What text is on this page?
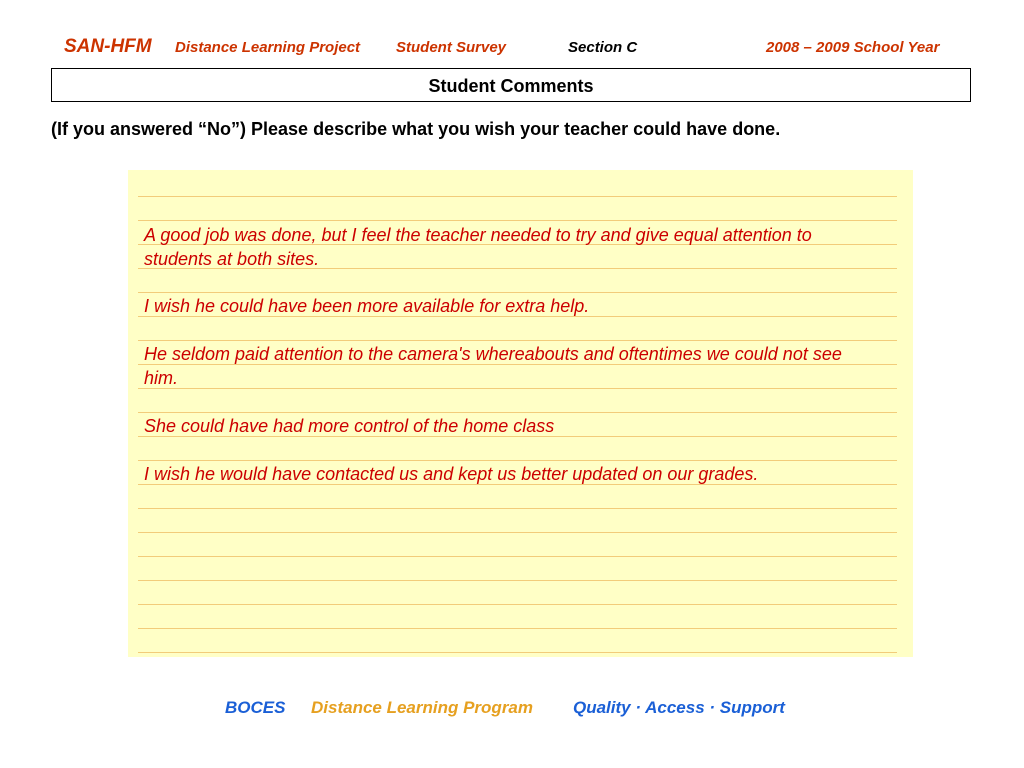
SAN-HFM Distance Learning Project Student Survey	Section C	2008 – 2009 School Year
Student Comments
(If you answered “No”) Please describe what you wish your teacher could have done.
A good job was done, but I feel the teacher needed to try and give equal attention to
students at both sites.
I wish he could have been more available for extra help.
He seldom paid attention to the camera's whereabouts and oftentimes we could not see
him.
She could have had more control of the home class
I wish he would have contacted us and kept us better updated on our grades.
BOCES Distance Learning Program Quality · Access · Support
